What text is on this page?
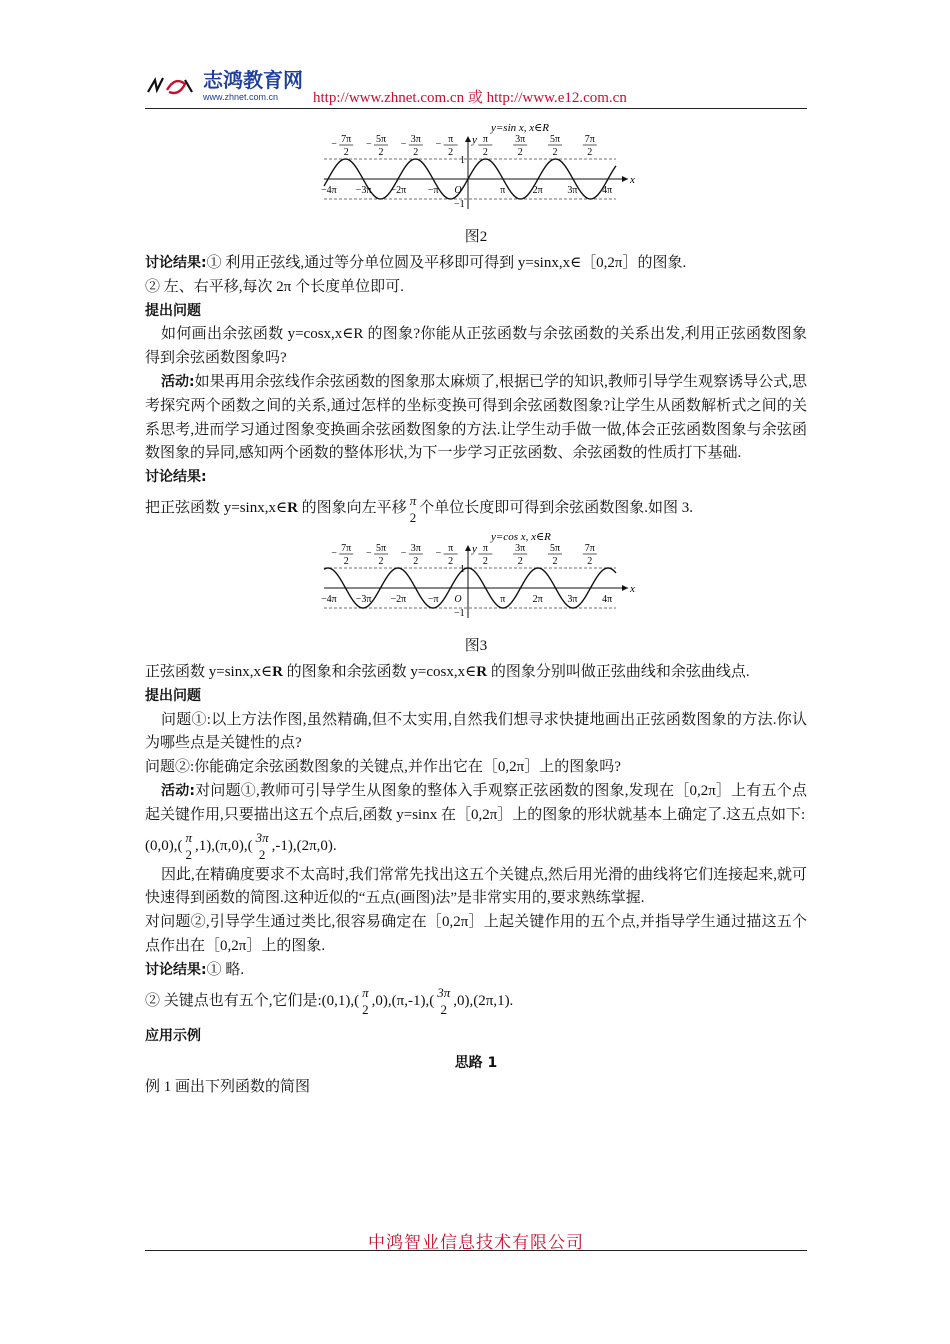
志鸿教育网
www.zhnet.com.cn http://www.zhnet.com.cn 或 http://www.e12.com.cn
y=sin x, x∈R
− 7π
2
− 5π
2
− 3π
2
− π
2
π
2
3π
2
5π
2
7π
2
−4π −3π −2π −π O	π	2π 3π 4π
x
y
1
−1
图2

讨论结果:① 利用正弦线,通过等分单位圆及平移即可得到 y=sinx,x∈［0,2π］的图象.

② 左、右平移,每次 2π 个长度单位即可.

提出问题

如何画出余弦函数 y=cosx,x∈R 的图象?你能从正弦函数与余弦函数的关系出发,利用正弦函数图象得到余弦函数图象吗?

活动:如果再用余弦线作余弦函数的图象那太麻烦了,根据已学的知识,教师引导学生观察诱导公式,思考探究两个函数之间的关系,通过怎样的坐标变换可得到余弦函数图象?让学生从函数解析式之间的关系思考,进而学习通过图象变换画余弦函数图象的方法.让学生动手做一做,体会正弦函数图象与余弦函数图象的异同,感知两个函数的整体形状,为下一步学习正弦函数、余弦函数的性质打下基础.

讨论结果:

把正弦函数 y=sinx,x∈R 的图象向左平移 π
2
个单位长度即可得到余弦函数图象.如图 3.

y=cos x, x∈R
− 7π
2
− 5π
2
− 3π
2
− π
2
π
2
3π
2
5π
2
7π
2
−4π −3π −2π −π O	π	2π 3π 4π
x
y
1
−1
图3

正弦函数 y=sinx,x∈R 的图象和余弦函数 y=cosx,x∈R 的图象分别叫做正弦曲线和余弦曲线点.

提出问题

问题①:以上方法作图,虽然精确,但不太实用,自然我们想寻求快捷地画出正弦函数图象的方法.你认为哪些点是关键性的点?

问题②:你能确定余弦函数图象的关键点,并作出它在［0,2π］上的图象吗?

活动:对问题①,教师可引导学生从图象的整体入手观察正弦函数的图象,发现在［0,2π］上有五个点起关键作用,只要描出这五个点后,函数 y=sinx 在［0,2π］上的图象的形状就基本上确定了.这五点如下:

(0,0),( π
2
,1),(π,0),( 3π
2
,-1),(2π,0).

因此,在精确度要求不太高时,我们常常先找出这五个关键点,然后用光滑的曲线将它们连接起来,就可快速得到函数的简图.这种近似的“五点(画图)法”是非常实用的,要求熟练掌握.

对问题②,引导学生通过类比,很容易确定在［0,2π］上起关键作用的五个点,并指导学生通过描这五个点作出在［0,2π］上的图象.

讨论结果:① 略.

② 关键点也有五个,它们是:(0,1),( π
2
,0),(π,-1),( 3π
2
,0),(2π,1).

应用示例

思路 1

例 1 画出下列函数的简图

中鸿智业信息技术有限公司
